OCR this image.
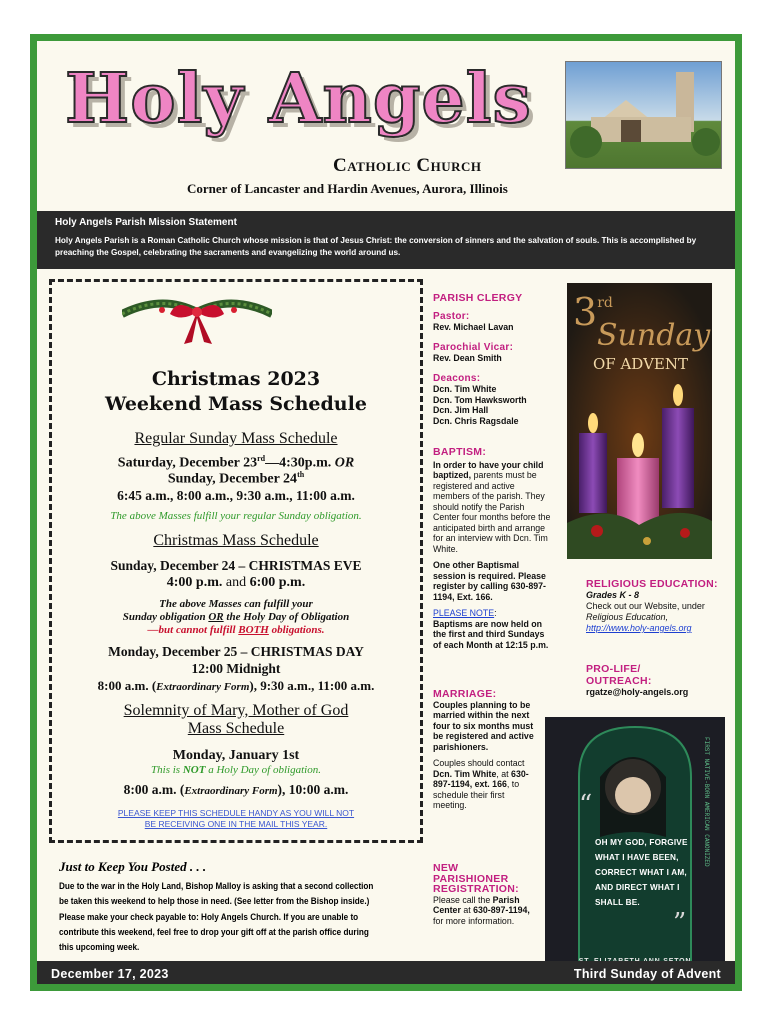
Holy Angels
Catholic Church
Corner of Lancaster and Hardin Avenues, Aurora, Illinois
Holy Angels Parish Mission Statement
Holy Angels Parish is a Roman Catholic Church whose mission is that of Jesus Christ: the conversion of sinners and the salvation of souls. This is accomplished by preaching the Gospel, celebrating the sacraments and evangelizing the world around us.
Christmas 2023
Weekend Mass Schedule
Regular Sunday Mass Schedule
Saturday, December 23rd—4:30p.m. OR
Sunday, December 24th
6:45 a.m., 8:00 a.m., 9:30 a.m., 11:00 a.m.
The above Masses fulfill your regular Sunday obligation.
Christmas Mass Schedule
Sunday, December 24 – CHRISTMAS EVE
4:00 p.m. and 6:00 p.m.
The above Masses can fulfill your
Sunday obligation OR the Holy Day of Obligation
—but cannot fulfill BOTH obligations.
Monday, December 25 – CHRISTMAS DAY
12:00 Midnight
8:00 a.m. (Extraordinary Form), 9:30 a.m., 11:00 a.m.
Solemnity of Mary, Mother of God
Mass Schedule
Monday, January 1st
This is NOT a Holy Day of obligation.
8:00 a.m. (Extraordinary Form), 10:00 a.m.
PLEASE KEEP THIS SCHEDULE HANDY AS YOU WILL NOT
BE RECEIVING ONE IN THE MAIL THIS YEAR.
Just to Keep You Posted . . .
Due to the war in the Holy Land, Bishop Malloy is asking that a second collection be taken this weekend to help those in need. (See letter from the Bishop inside.) Please make your check payable to: Holy Angels Church. If you are unable to contribute this weekend, feel free to drop your gift off at the parish office during this upcoming week.
PARISH CLERGY
Pastor:
Rev. Michael Lavan
Parochial Vicar:
Rev. Dean Smith
Deacons:
Dcn. Tim White
Dcn. Tom Hawksworth
Dcn. Jim Hall
Dcn. Chris Ragsdale
BAPTISM:
In order to have your child baptized, parents must be registered and active members of the parish. They should notify the Parish Center four months before the anticipated birth and arrange for an interview with Dcn. Tim White.
One other Baptismal session is required. Please register by calling 630-897-1194, Ext. 166.
PLEASE NOTE:
Baptisms are now held on the first and third Sundays of each Month at 12:15 p.m.
MARRIAGE:
Couples planning to be married within the next four to six months must be registered and active parishioners.
Couples should contact Dcn. Tim White, at 630-897-1194, ext. 166, to schedule their first meeting.
NEW PARISHIONER REGISTRATION:
Please call the Parish Center at 630-897-1194, for more information.
3rd
Sunday
OF ADVENT
RELIGIOUS EDUCATION:
Grades K - 8
Check out our Website, under Religious Education,
http://www.holy-angels.org
PRO-LIFE/ OUTREACH:
rgatze@holy-angels.org
“
”
OH MY GOD, FORGIVE WHAT I HAVE BEEN, CORRECT WHAT I AM, AND DIRECT WHAT I SHALL BE.
FIRST NATIVE-BORN AMERICAN CANONIZED
December 17, 2023	Third Sunday of Advent
